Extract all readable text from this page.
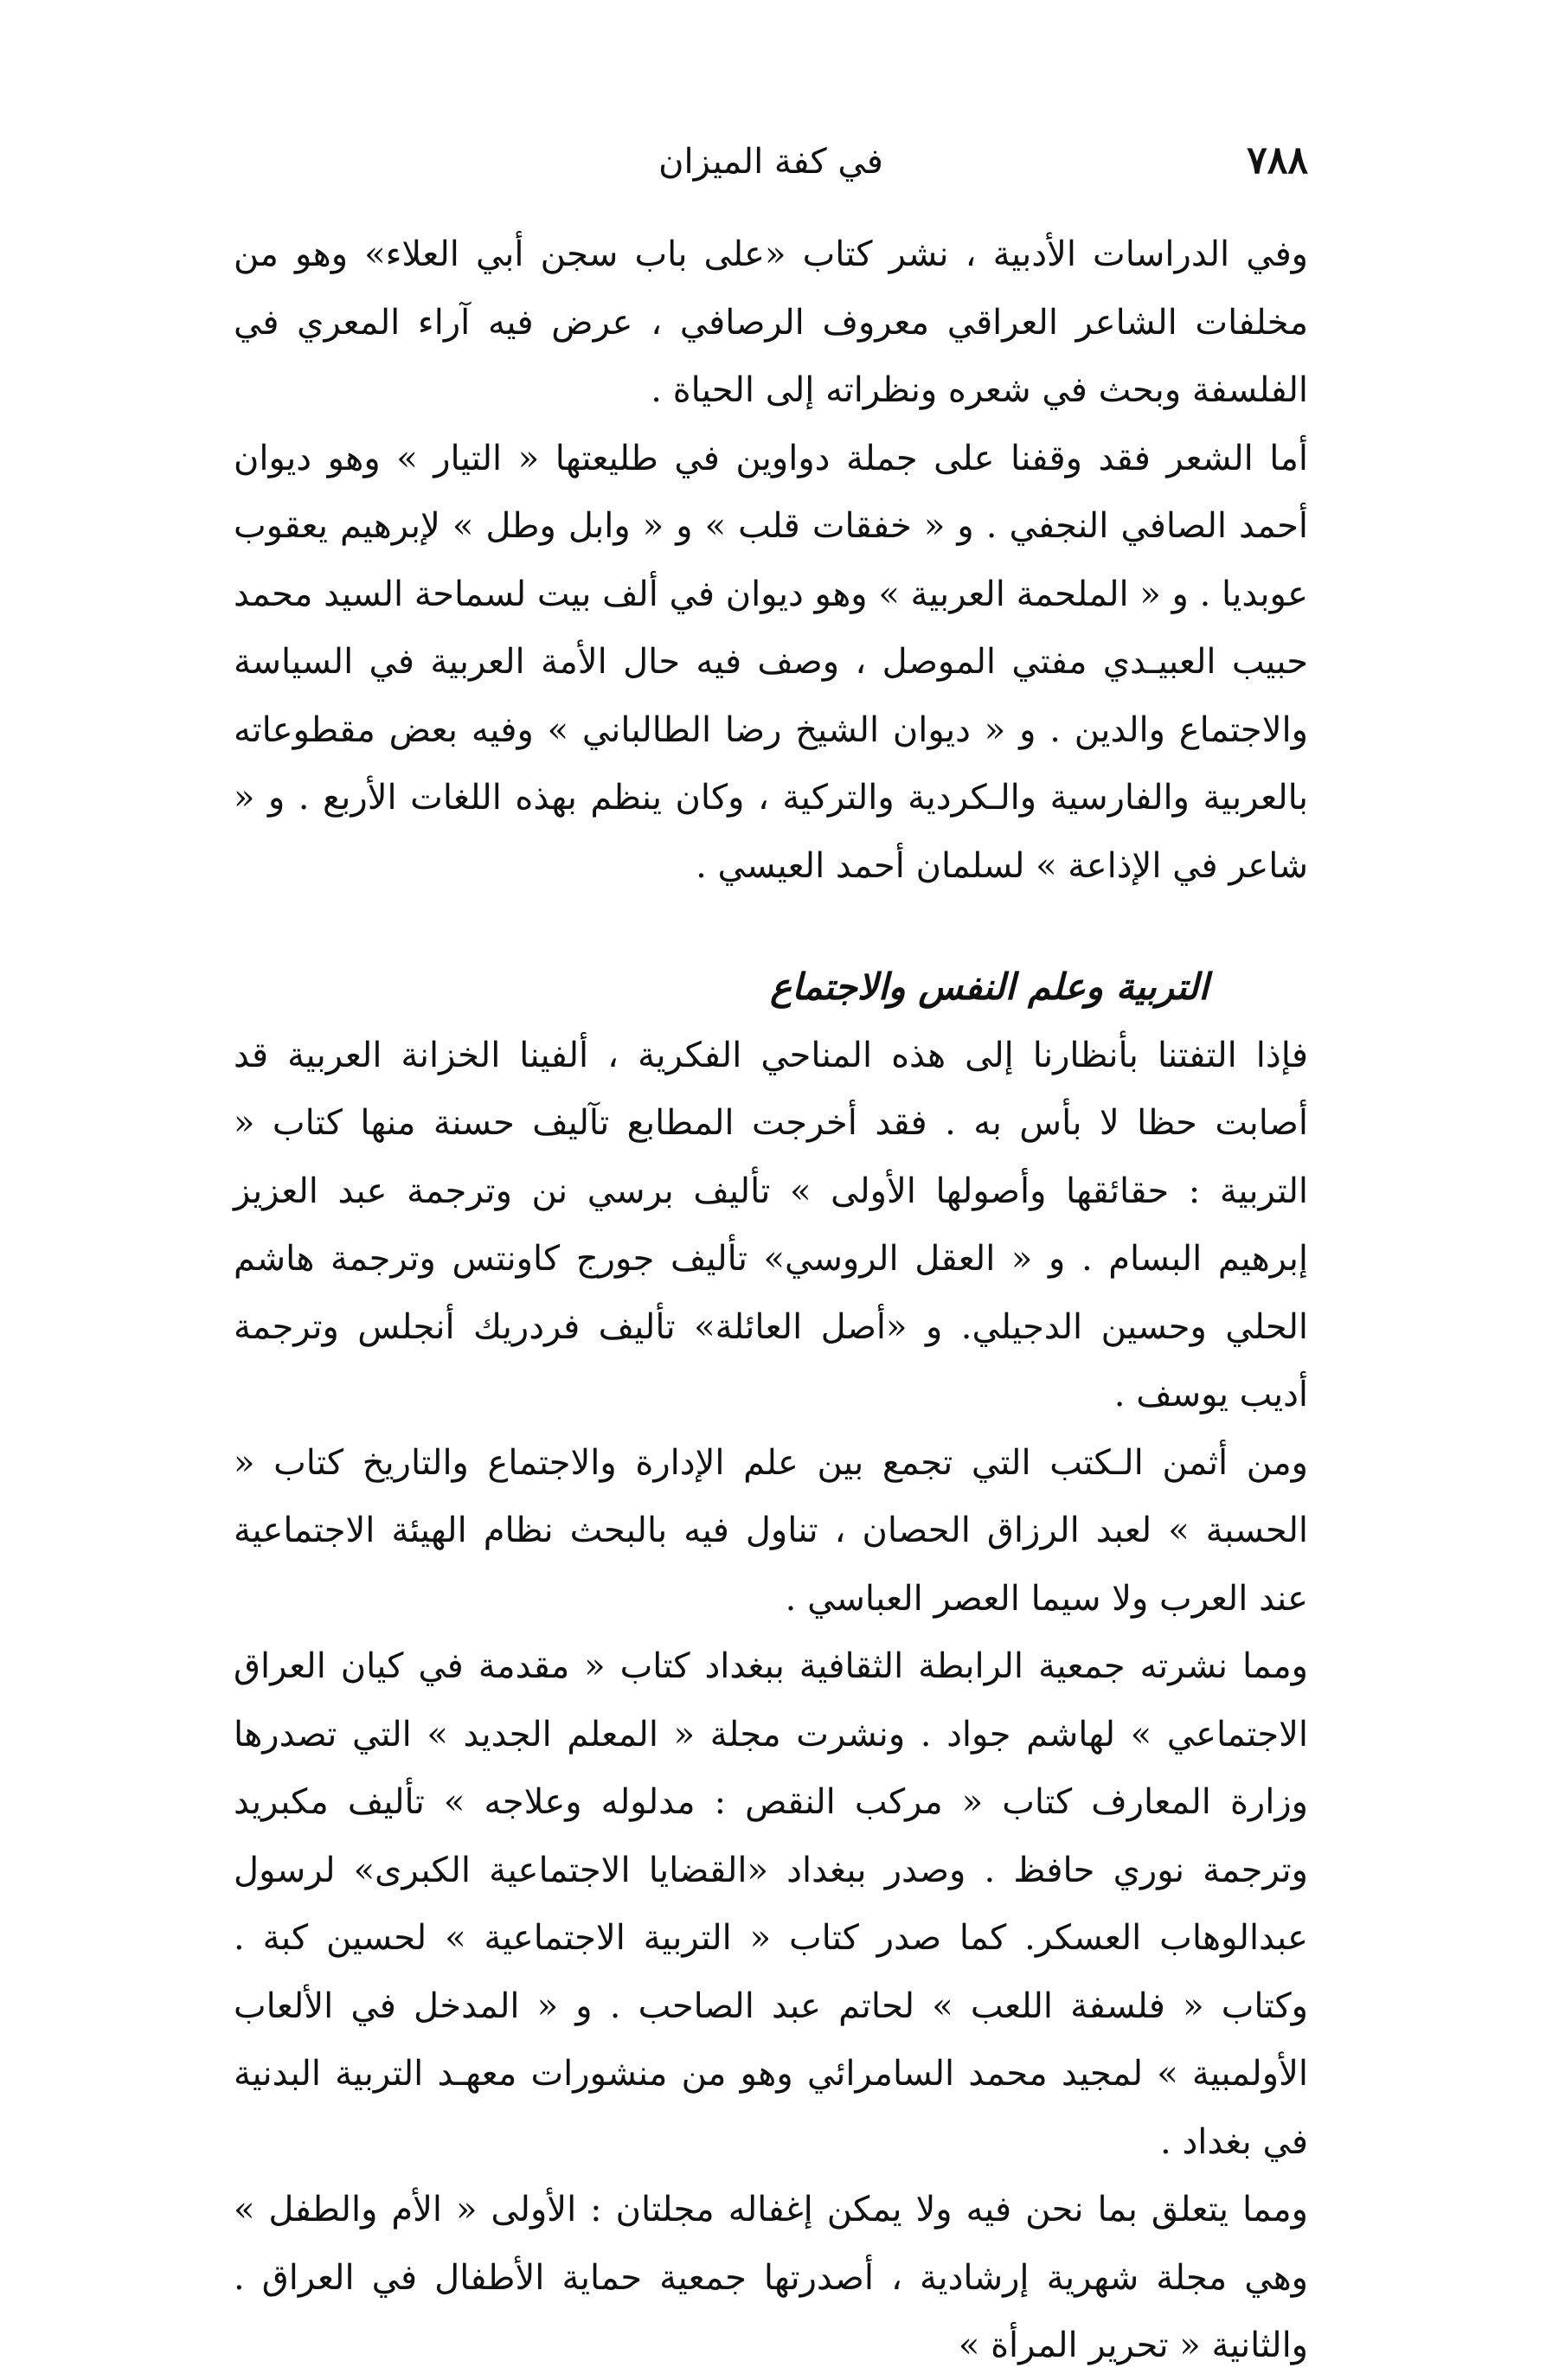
٧٨٨
في كفة الميزان

وفي الدراسات الأدبية ، نشر كتاب «على باب سجن أبي العلاء» وهو من مخلفات الشاعر العراقي معروف الرصافي ، عرض فيه آراء المعري في الفلسفة وبحث في شعره ونظراته إلى الحياة .

أما الشعر فقد وقفنا على جملة دواوين في طليعتها « التيار » وهو ديوان أحمد الصافي النجفي . و « خفقات قلب » و « وابل وطل » لإبرهيم يعقوب عوبديا . و « الملحمة العربية » وهو ديوان في ألف بيت لسماحة السيد محمد حبيب العبيـدي مفتي الموصل ، وصف فيه حال الأمة العربية في السياسة والاجتماع والدين . و « ديوان الشيخ رضا الطالباني » وفيه بعض مقطوعاته بالعربية والفارسية والـكردية والتركية ، وكان ينظم بهذه اللغات الأربع . و « شاعر في الإذاعة » لسلمان أحمد العيسي .

التربية وعلم النفس والاجتماع

فإذا التفتنا بأنظارنا إلى هذه المناحي الفكرية ، ألفينا الخزانة العربية قد أصابت حظا لا بأس به . فقد أخرجت المطابع تآليف حسنة منها كتاب « التربية : حقائقها وأصولها الأولى » تأليف برسي نن وترجمة عبد العزيز إبرهيم البسام . و « العقل الروسي» تأليف جورج كاونتس وترجمة هاشم الحلي وحسين الدجيلي. و «أصل العائلة» تأليف فردريك أنجلس وترجمة أديب يوسف .

ومن أثمن الـكتب التي تجمع بين علم الإدارة والاجتماع والتاريخ كتاب « الحسبة » لعبد الرزاق الحصان ، تناول فيه بالبحث نظام الهيئة الاجتماعية عند العرب ولا سيما العصر العباسي .

ومما نشرته جمعية الرابطة الثقافية ببغداد كتاب « مقدمة في كيان العراق الاجتماعي » لهاشم جواد . ونشرت مجلة « المعلم الجديد » التي تصدرها وزارة المعارف كتاب « مركب النقص : مدلوله وعلاجه » تأليف مكبريد وترجمة نوري حافظ . وصدر ببغداد «القضايا الاجتماعية الكبرى» لرسول عبدالوهاب العسكر. كما صدر كتاب « التربية الاجتماعية » لحسين كبة . وكتاب « فلسفة اللعب » لحاتم عبد الصاحب . و « المدخل في الألعاب الأولمبية » لمجيد محمد السامرائي وهو من منشورات معهـد التربية البدنية في بغداد .

ومما يتعلق بما نحن فيه ولا يمكن إغفاله مجلتان : الأولى « الأم والطفل » وهي مجلة شهرية إرشادية ، أصدرتها جمعية حماية الأطفال في العراق . والثانية « تحرير المرأة »
